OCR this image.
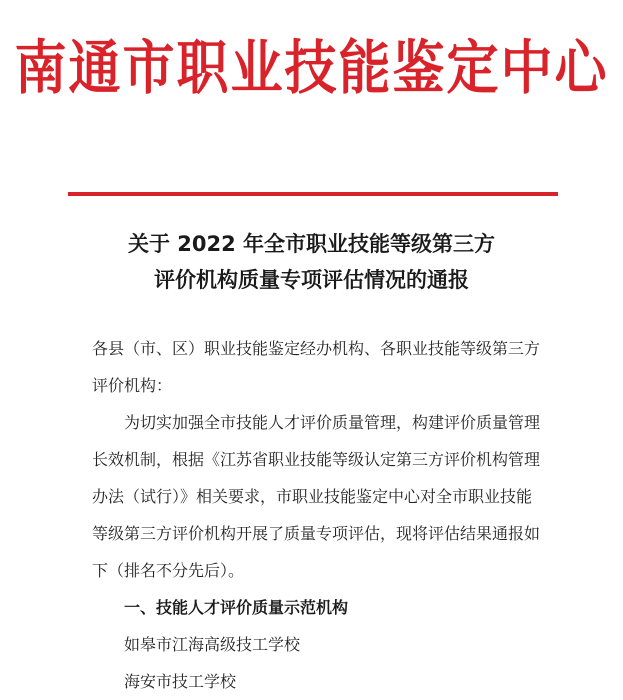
南通市职业技能鉴定中心
关于 2022 年全市职业技能等级第三方
评价机构质量专项评估情况的通报

各县（市、区）职业技能鉴定经办机构、各职业技能等级第三方评价机构：

为切实加强全市技能人才评价质量管理，构建评价质量管理长效机制，根据《江苏省职业技能等级认定第三方评价机构管理办法（试行）》相关要求，市职业技能鉴定中心对全市职业技能等级第三方评价机构开展了质量专项评估，现将评估结果通报如下（排名不分先后）。

一、技能人才评价质量示范机构

如皋市江海高级技工学校

海安市技工学校
